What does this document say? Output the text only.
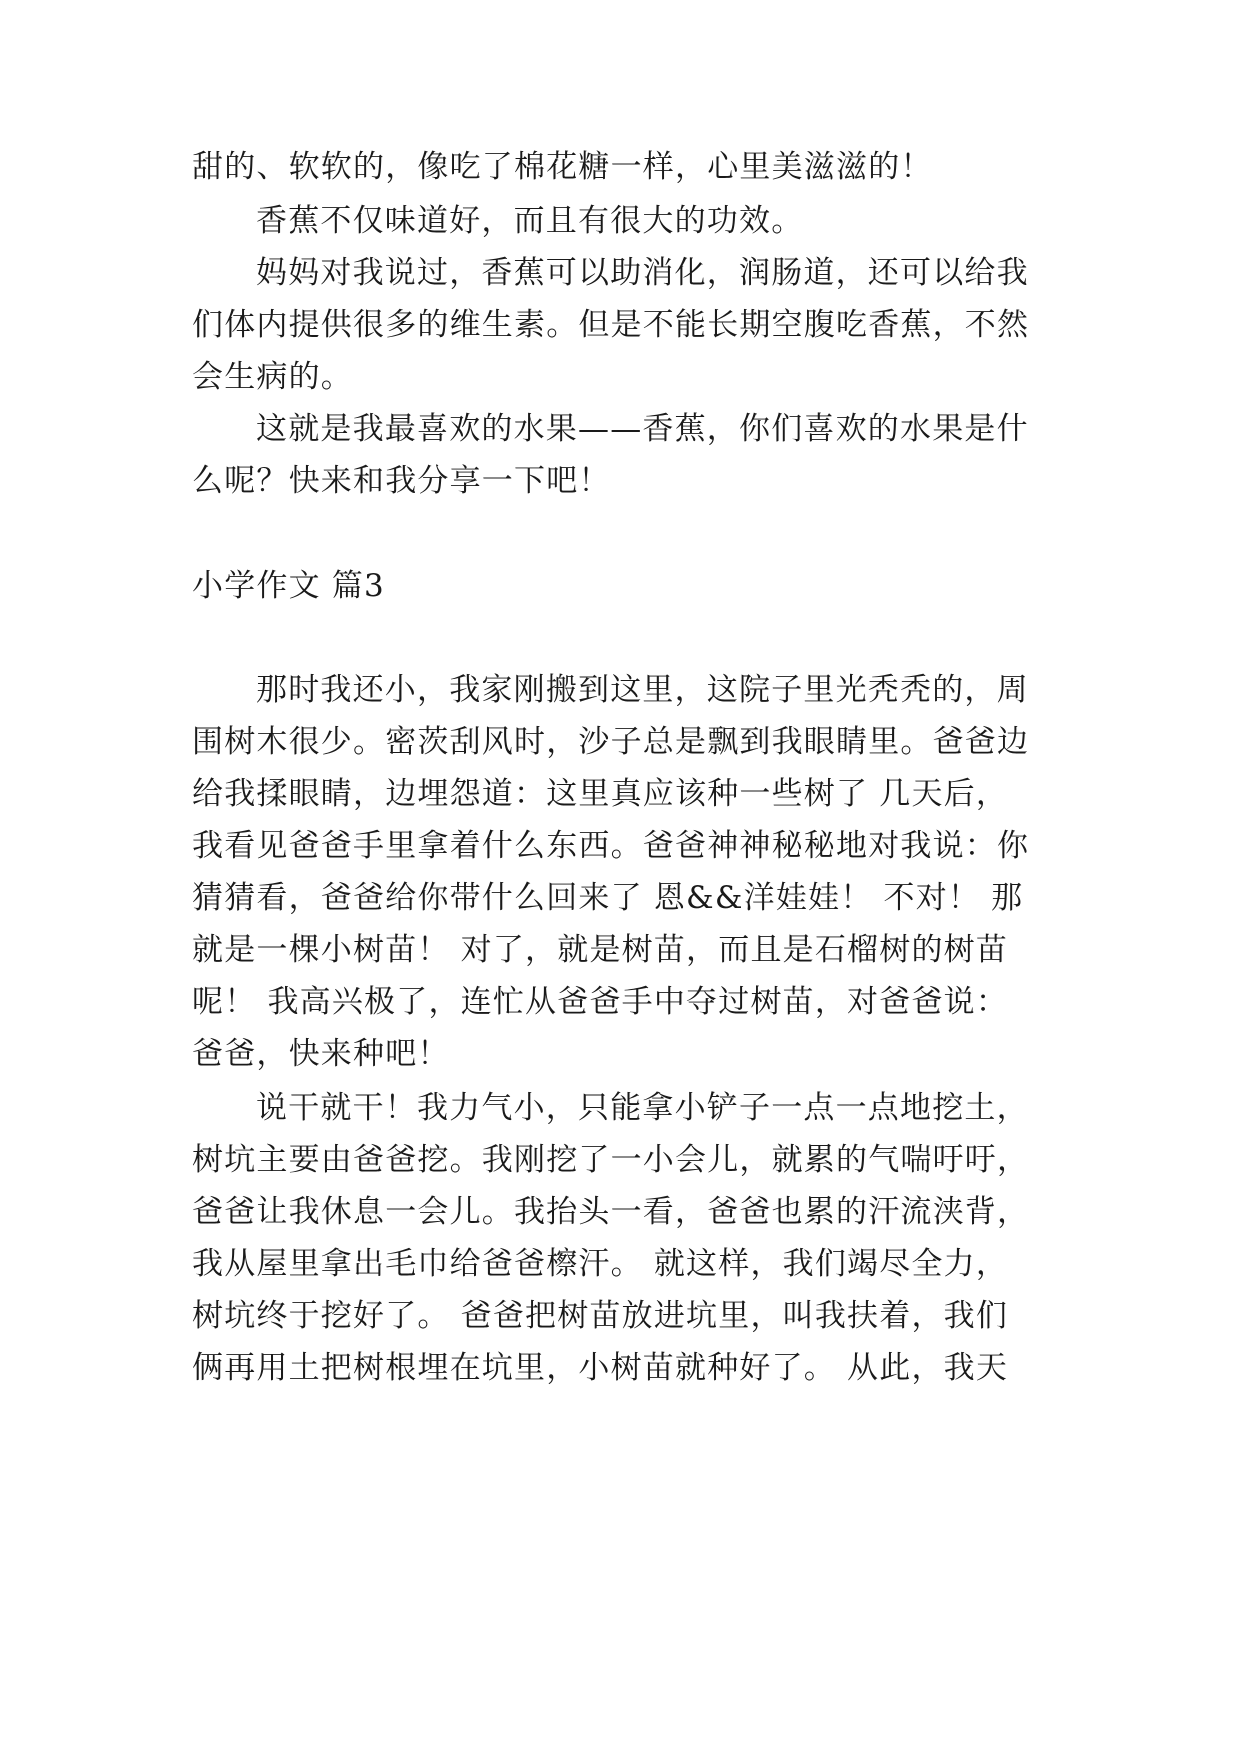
甜的、软软的，像吃了棉花糖一样，心里美滋滋的！
香蕉不仅味道好，而且有很大的功效。
妈妈对我说过，香蕉可以助消化，润肠道，还可以给我
们体内提供很多的维生素。但是不能长期空腹吃香蕉，不然
会生病的。
这就是我最喜欢的水果——香蕉，你们喜欢的水果是什
么呢？快来和我分享一下吧！
小学作文 篇3
那时我还小，我家刚搬到这里，这院子里光秃秃的，周
围树木很少。密茨刮风时，沙子总是飘到我眼睛里。爸爸边
给我揉眼睛，边埋怨道：这里真应该种一些树了 几天后，
我看见爸爸手里拿着什么东西。爸爸神神秘秘地对我说：你
猜猜看，爸爸给你带什么回来了 恩&&洋娃娃！ 不对！ 那
就是一棵小树苗！ 对了，就是树苗，而且是石榴树的树苗
呢！ 我高兴极了，连忙从爸爸手中夺过树苗，对爸爸说：
爸爸，快来种吧！
说干就干！我力气小，只能拿小铲子一点一点地挖土，
树坑主要由爸爸挖。我刚挖了一小会儿，就累的气喘吁吁，
爸爸让我休息一会儿。我抬头一看，爸爸也累的汗流浃背，
我从屋里拿出毛巾给爸爸檫汗。 就这样，我们竭尽全力，
树坑终于挖好了。 爸爸把树苗放进坑里，叫我扶着，我们
俩再用土把树根埋在坑里，小树苗就种好了。 从此，我天
